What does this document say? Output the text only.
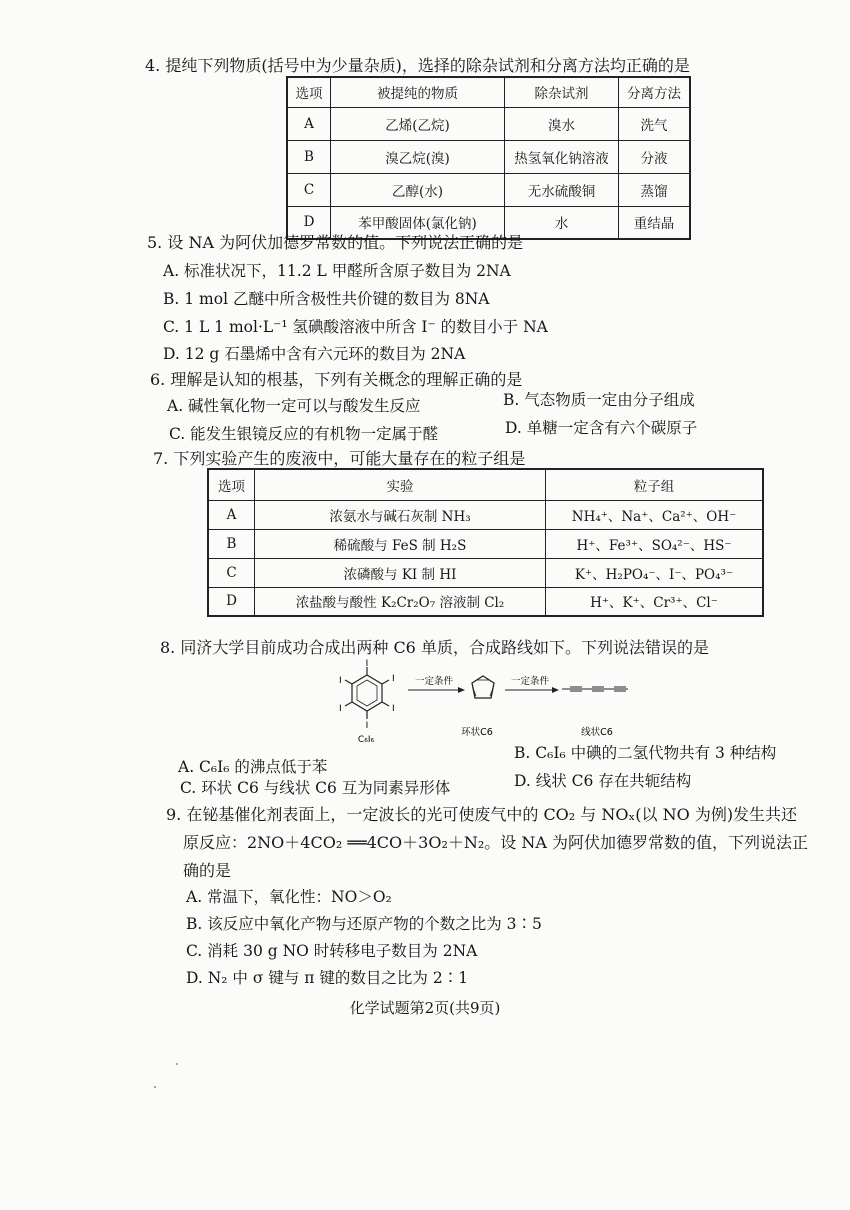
4. 提纯下列物质(括号中为少量杂质)，选择的除杂试剂和分离方法均正确的是
选项	被提纯的物质	除杂试剂	分离方法
A	乙烯(乙烷)	溴水	洗气
B	溴乙烷(溴)	热氢氧化钠溶液	分液
C	乙醇(水)	无水硫酸铜	蒸馏
D	苯甲酸固体(氯化钠)	水	重结晶
5. 设 NA 为阿伏加德罗常数的值。下列说法正确的是
A. 标准状况下，11.2 L 甲醛所含原子数目为 2NA
B. 1 mol 乙醚中所含极性共价键的数目为 8NA
C. 1 L 1 mol·L⁻¹ 氢碘酸溶液中所含 I⁻ 的数目小于 NA
D. 12 g 石墨烯中含有六元环的数目为 2NA
6. 理解是认知的根基，下列有关概念的理解正确的是
A. 碱性氧化物一定可以与酸发生反应	B. 气态物质一定由分子组成
C. 能发生银镜反应的有机物一定属于醛	D. 单糖一定含有六个碳原子
7. 下列实验产生的废液中，可能大量存在的粒子组是
选项	实验	粒子组
A	浓氨水与碱石灰制 NH₃	NH₄⁺、Na⁺、Ca²⁺、OH⁻
B	稀硫酸与 FeS 制 H₂S	H⁺、Fe³⁺、SO₄²⁻、HS⁻
C	浓磷酸与 KI 制 HI	K⁺、H₂PO₄⁻、I⁻、PO₄³⁻
D	浓盐酸与酸性 K₂Cr₂O₇ 溶液制 Cl₂	H⁺、K⁺、Cr³⁺、Cl⁻
8. 同济大学目前成功合成出两种 C6 单质，合成路线如下。下列说法错误的是
I
I
I
I
I
I
C₆I₆
一定条件
环状C6
一定条件
线状C6
A. C₆I₆ 的沸点低于苯
B. C₆I₆ 中碘的二氢代物共有 3 种结构
C. 环状 C6 与线状 C6 互为同素异形体	D. 线状 C6 存在共轭结构
9. 在铋基催化剂表面上，一定波长的光可使废气中的 CO₂ 与 NOₓ(以 NO 为例)发生共还
原反应：2NO＋4CO₂ ══4CO＋3O₂＋N₂。设 NA 为阿伏加德罗常数的值，下列说法正
确的是
A. 常温下，氧化性：NO＞O₂
B. 该反应中氧化产物与还原产物的个数之比为 3∶5
C. 消耗 30 g NO 时转移电子数目为 2NA
D. N₂ 中 σ 键与 π 键的数目之比为 2∶1
化学试题第2页(共9页)
